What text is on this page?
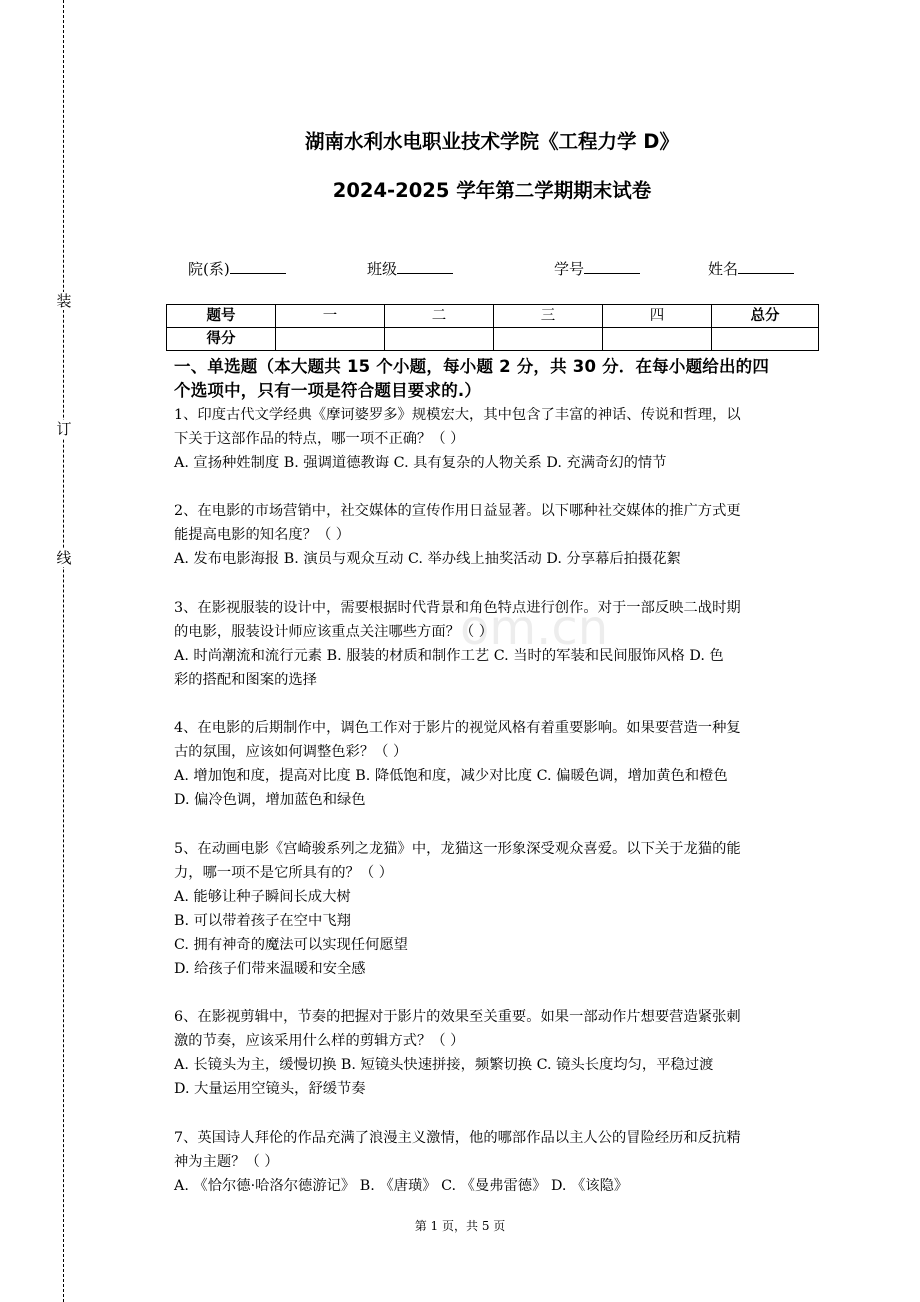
装
订
线
湖南水利水电职业技术学院《工程力学 D》
2024-2025 学年第二学期期末试卷
院(系)	班级	学号	姓名
题号	一	二	三	四	总分
得分					
一、单选题（本大题共 15 个小题，每小题 2 分，共 30 分．在每小题给出的四
个选项中，只有一项是符合题目要求的.）

1、印度古代文学经典《摩诃婆罗多》规模宏大，其中包含了丰富的神话、传说和哲理，以

下关于这部作品的特点，哪一项不正确？（ ）

A. 宣扬种姓制度 B. 强调道德教诲 C. 具有复杂的人物关系 D. 充满奇幻的情节

2、在电影的市场营销中，社交媒体的宣传作用日益显著。以下哪种社交媒体的推广方式更

能提高电影的知名度？（ ）

A. 发布电影海报 B. 演员与观众互动 C. 举办线上抽奖活动 D. 分享幕后拍摄花絮

3、在影视服装的设计中，需要根据时代背景和角色特点进行创作。对于一部反映二战时期

的电影，服装设计师应该重点关注哪些方面？（ ）

A. 时尚潮流和流行元素 B. 服装的材质和制作工艺 C. 当时的军装和民间服饰风格 D. 色

彩的搭配和图案的选择

4、在电影的后期制作中，调色工作对于影片的视觉风格有着重要影响。如果要营造一种复

古的氛围，应该如何调整色彩？（ ）

A. 增加饱和度，提高对比度 B. 降低饱和度，减少对比度 C. 偏暖色调，增加黄色和橙色

D. 偏冷色调，增加蓝色和绿色

5、在动画电影《宫崎骏系列之龙猫》中，龙猫这一形象深受观众喜爱。以下关于龙猫的能

力，哪一项不是它所具有的？（ ）

A. 能够让种子瞬间长成大树

B. 可以带着孩子在空中飞翔

C. 拥有神奇的魔法可以实现任何愿望

D. 给孩子们带来温暖和安全感

6、在影视剪辑中，节奏的把握对于影片的效果至关重要。如果一部动作片想要营造紧张刺

激的节奏，应该采用什么样的剪辑方式？（ ）

A. 长镜头为主，缓慢切换 B. 短镜头快速拼接，频繁切换 C. 镜头长度均匀，平稳过渡

D. 大量运用空镜头，舒缓节奏

7、英国诗人拜伦的作品充满了浪漫主义激情，他的哪部作品以主人公的冒险经历和反抗精

神为主题？（ ）

A. 《恰尔德·哈洛尔德游记》 B. 《唐璜》 C. 《曼弗雷德》 D. 《该隐》

om.cn
第 1 页，共 5 页
